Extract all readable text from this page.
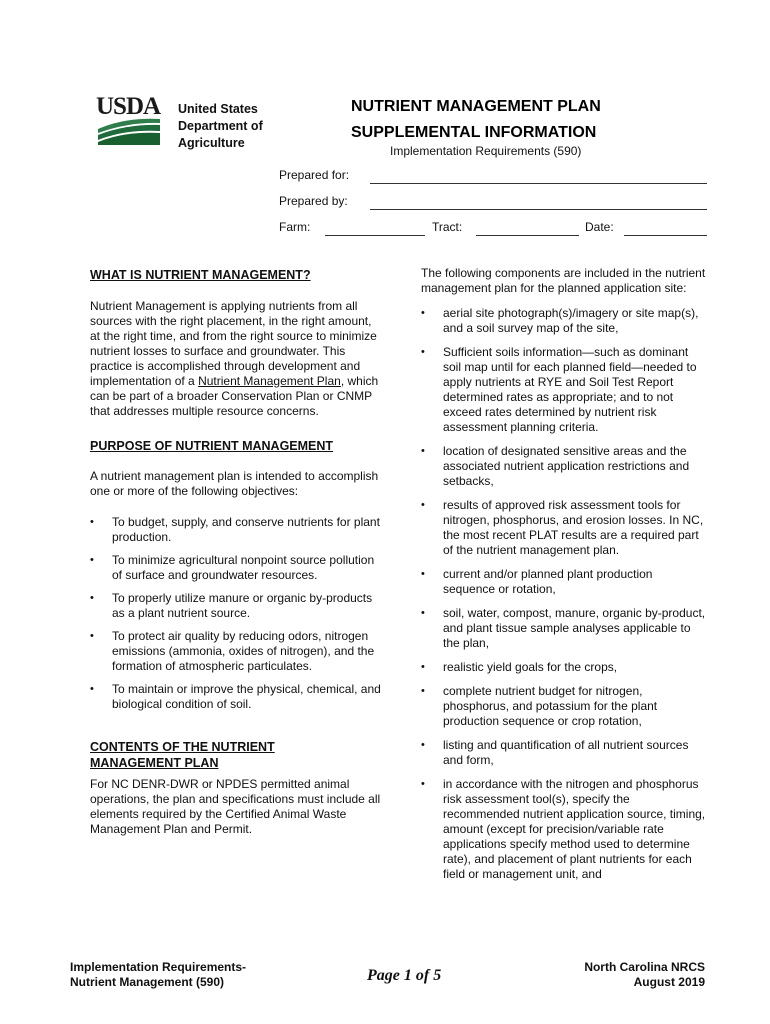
USDA United States
Department of
Agriculture
NUTRIENT MANAGEMENT PLAN
SUPPLEMENTAL INFORMATION
Implementation Requirements (590)
Prepared for:
Prepared by:
Farm:	Tract:	Date:
WHAT IS NUTRIENT MANAGEMENT?
Nutrient Management is applying nutrients from all sources with the right placement, in the right amount, at the right time, and from the right source to minimize nutrient losses to surface and groundwater. This practice is accomplished through development and implementation of a Nutrient Management Plan, which can be part of a broader Conservation Plan or CNMP that addresses multiple resource concerns.
PURPOSE OF NUTRIENT MANAGEMENT
A nutrient management plan is intended to accomplish one or more of the following objectives:
• To budget, supply, and conserve nutrients for plant production.
• To minimize agricultural nonpoint source pollution of surface and groundwater resources.
• To properly utilize manure or organic by-products as a plant nutrient source.
• To protect air quality by reducing odors, nitrogen emissions (ammonia, oxides of nitrogen), and the formation of atmospheric particulates.
• To maintain or improve the physical, chemical, and biological condition of soil.
CONTENTS OF THE NUTRIENT
MANAGEMENT PLAN
For NC DENR-DWR or NPDES permitted animal operations, the plan and specifications must include all elements required by the Certified Animal Waste Management Plan and Permit.
The following components are included in the nutrient management plan for the planned application site:
• aerial site photograph(s)/imagery or site map(s), and a soil survey map of the site,
• Sufficient soils information—such as dominant soil map until for each planned field—needed to apply nutrients at RYE and Soil Test Report determined rates as appropriate; and to not exceed rates determined by nutrient risk assessment planning criteria.
• location of designated sensitive areas and the associated nutrient application restrictions and setbacks,
• results of approved risk assessment tools for nitrogen, phosphorus, and erosion losses. In NC, the most recent PLAT results are a required part of the nutrient management plan.
• current and/or planned plant production sequence or rotation,
• soil, water, compost, manure, organic by-product, and plant tissue sample analyses applicable to the plan,
• realistic yield goals for the crops,
• complete nutrient budget for nitrogen, phosphorus, and potassium for the plant production sequence or crop rotation,
• listing and quantification of all nutrient sources and form,
• in accordance with the nitrogen and phosphorus risk assessment tool(s), specify the recommended nutrient application source, timing, amount (except for precision/variable rate applications specify method used to determine rate), and placement of plant nutrients for each field or management unit, and
Implementation Requirements-
Nutrient Management (590)	Page 1 of 5	North Carolina NRCS
August 2019
